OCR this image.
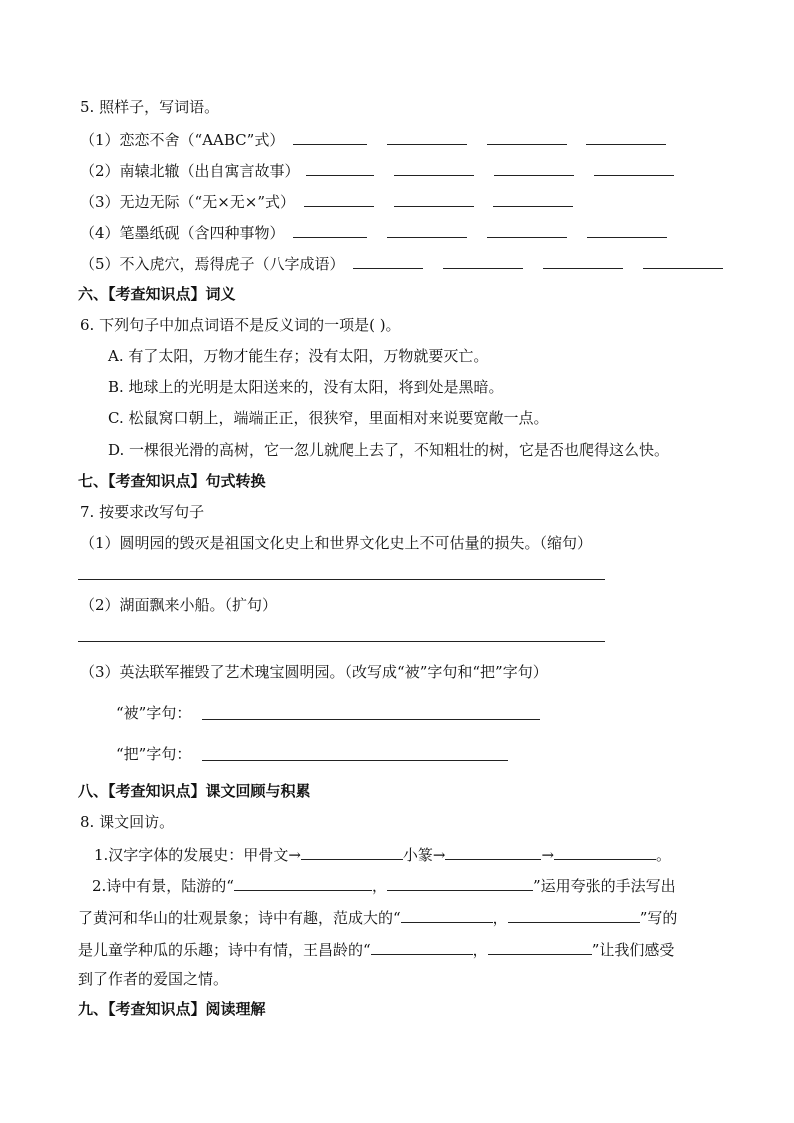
5. 照样子，写词语。
（1）恋恋不舍（“AABC”式）
（2）南辕北辙（出自寓言故事）
（3）无边无际（“无×无×”式）
（4）笔墨纸砚（含四种事物）
（5）不入虎穴，焉得虎子（八字成语）
六、【考查知识点】词义
6. 下列句子中加点词语不是反义词的一项是( )。
A. 有了太阳，万物才能生存；没有太阳，万物就要灭亡。
B. 地球上的光明是太阳送来的，没有太阳，将到处是黑暗。
C. 松鼠窝口朝上，端端正正，很狭窄，里面相对来说要宽敞一点。
D. 一棵很光滑的高树，它一忽儿就爬上去了，不知粗壮的树，它是否也爬得这么快。
七、【考查知识点】句式转换
7. 按要求改写句子
（1）圆明园的毁灭是祖国文化史上和世界文化史上不可估量的损失。（缩句）
（2）湖面飘来小船。（扩句）
（3）英法联军摧毁了艺术瑰宝圆明园。（改写成“被”字句和“把”字句）
“被”字句：
“把”字句：
八、【考查知识点】课文回顾与积累
8. 课文回访。
1.汉字字体的发展史：甲骨文→	小篆→	→	。
2.诗中有景，陆游的“	，	”运用夸张的手法写出
了黄河和华山的壮观景象；诗中有趣，范成大的“	，	”写的
是儿童学种瓜的乐趣；诗中有情，王昌龄的“	，	”让我们感受
到了作者的爱国之情。
九、【考查知识点】阅读理解
